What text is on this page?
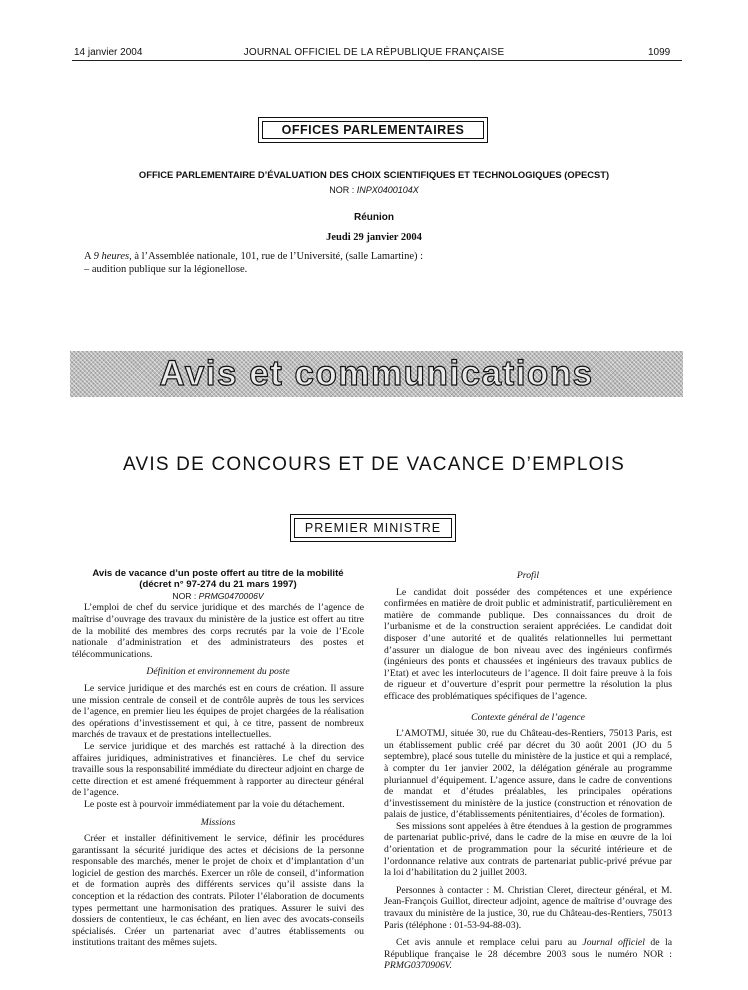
14 janvier 2004	JOURNAL OFFICIEL DE LA RÉPUBLIQUE FRANÇAISE	1099
OFFICES PARLEMENTAIRES
OFFICE PARLEMENTAIRE D’ÉVALUATION DES CHOIX SCIENTIFIQUES ET TECHNOLOGIQUES (OPECST)
NOR : INPX0400104X
Réunion
Jeudi 29 janvier 2004
A 9 heures, à l’Assemblée nationale, 101, rue de l’Université, (salle Lamartine) :
– audition publique sur la légionellose.
Avis et communications
AVIS DE CONCOURS ET DE VACANCE D’EMPLOIS
PREMIER MINISTRE

Avis de vacance d’un poste offert au titre de la mobilité

(décret n° 97-274 du 21 mars 1997)

NOR : PRMG0470006V

L’emploi de chef du service juridique et des marchés de l’agence de maîtrise d’ouvrage des travaux du ministère de la justice est offert au titre de la mobilité des membres des corps recrutés par la voie de l’Ecole nationale d’administration et des administrateurs des postes et télécommunications.

Définition et environnement du poste

Le service juridique et des marchés est en cours de création. Il assure une mission centrale de conseil et de contrôle auprès de tous les services de l’agence, en premier lieu les équipes de projet chargées de la réalisation des opérations d’investissement et qui, à ce titre, passent de nombreux marchés de travaux et de prestations intellectuelles.

Le service juridique et des marchés est rattaché à la direction des affaires juridiques, administratives et financières. Le chef du service travaille sous la responsabilité immédiate du directeur adjoint en charge de cette direction et est amené fréquemment à rapporter au directeur général de l’agence.

Le poste est à pourvoir immédiatement par la voie du détachement.

Missions

Créer et installer définitivement le service, définir les procédures garantissant la sécurité juridique des actes et décisions de la personne responsable des marchés, mener le projet de choix et d’implantation d’un logiciel de gestion des marchés. Exercer un rôle de conseil, d’information et de formation auprès des différents services qu’il assiste dans la conception et la rédaction des contrats. Piloter l’élaboration de documents types permettant une harmonisation des pratiques. Assurer le suivi des dossiers de contentieux, le cas échéant, en lien avec des avocats-conseils spécialisés. Créer un partenariat avec d’autres établissements ou institutions traitant des mêmes sujets.

Profil

Le candidat doit posséder des compétences et une expérience confirmées en matière de droit public et administratif, particulièrement en matière de commande publique. Des connaissances du droit de l’urbanisme et de la construction seraient appréciées. Le candidat doit disposer d’une autorité et de qualités relationnelles lui permettant d’assurer un dialogue de bon niveau avec des ingénieurs confirmés (ingénieurs des ponts et chaussées et ingénieurs des travaux publics de l’Etat) et avec les interlocuteurs de l’agence. Il doit faire preuve à la fois de rigueur et d’ouverture d’esprit pour permettre la résolution la plus efficace des problématiques spécifiques de l’agence.

Contexte général de l’agence

L’AMOTMJ, située 30, rue du Château-des-Rentiers, 75013 Paris, est un établissement public créé par décret du 30 août 2001 (JO du 5 septembre), placé sous tutelle du ministère de la justice et qui a remplacé, à compter du 1er janvier 2002, la délégation générale au programme pluriannuel d’équipement. L’agence assure, dans le cadre de conventions de mandat et d’études préalables, les principales opérations d’investissement du ministère de la justice (construction et rénovation de palais de justice, d’établissements pénitentiaires, d’écoles de formation).

Ses missions sont appelées à être étendues à la gestion de programmes de partenariat public-privé, dans le cadre de la mise en œuvre de la loi d’orientation et de programmation pour la sécurité intérieure et de l’ordonnance relative aux contrats de partenariat public-privé prévue par la loi d’habilitation du 2 juillet 2003.

Personnes à contacter : M. Christian Cleret, directeur général, et M. Jean-François Guillot, directeur adjoint, agence de maîtrise d’ouvrage des travaux du ministère de la justice, 30, rue du Château-des-Rentiers, 75013 Paris (téléphone : 01-53-94-88-03).

Cet avis annule et remplace celui paru au Journal officiel de la République française le 28 décembre 2003 sous le numéro NOR : PRMG0370906V.
